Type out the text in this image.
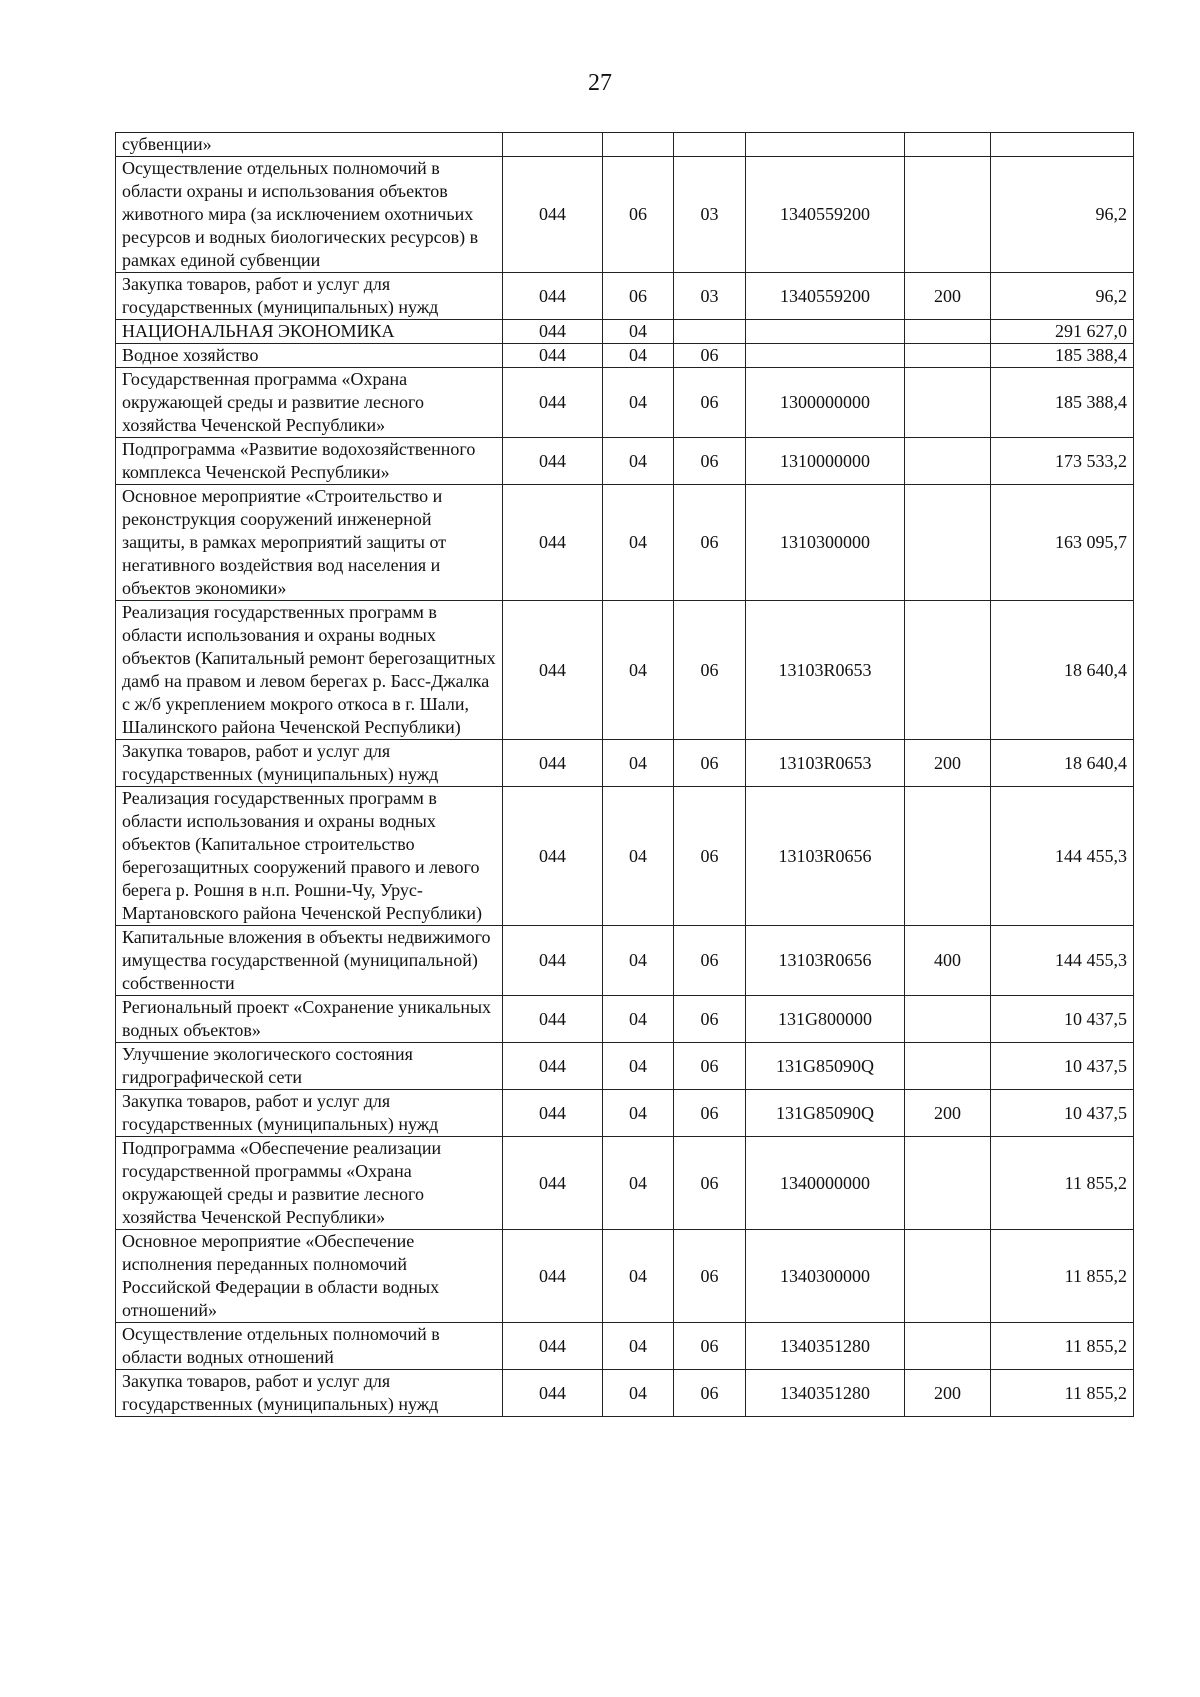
27
субвенции»						
Осуществление отдельных полномочий в области охраны и использования объектов животного мира (за исключением охотничьих ресурсов и водных биологических ресурсов) в рамках единой субвенции	044	06	03	1340559200		96,2
Закупка товаров, работ и услуг для государственных (муниципальных) нужд	044	06	03	1340559200	200	96,2
НАЦИОНАЛЬНАЯ ЭКОНОМИКА	044	04				291 627,0
Водное хозяйство	044	04	06			185 388,4
Государственная программа «Охрана окружающей среды и развитие лесного хозяйства Чеченской Республики»	044	04	06	1300000000		185 388,4
Подпрограмма «Развитие водохозяйственного комплекса Чеченской Республики»	044	04	06	1310000000		173 533,2
Основное мероприятие «Строительство и реконструкция сооружений инженерной защиты, в рамках мероприятий защиты от негативного воздействия вод населения и объектов экономики»	044	04	06	1310300000		163 095,7
Реализация государственных программ в области использования и охраны водных объектов (Капитальный ремонт берегозащитных дамб на правом и левом берегах р. Басс-Джалка с ж/б укреплением мокрого откоса в г. Шали, Шалинского района Чеченской Республики)	044	04	06	13103R0653		18 640,4
Закупка товаров, работ и услуг для государственных (муниципальных) нужд	044	04	06	13103R0653	200	18 640,4
Реализация государственных программ в области использования и охраны водных объектов (Капитальное строительство берегозащитных сооружений правого и левого берега р. Рошня в н.п. Рошни-Чу, Урус-Мартановского района Чеченской Республики)	044	04	06	13103R0656		144 455,3
Капитальные вложения в объекты недвижимого имущества государственной (муниципальной) собственности	044	04	06	13103R0656	400	144 455,3
Региональный проект «Сохранение уникальных водных объектов»	044	04	06	131G800000		10 437,5
Улучшение экологического состояния гидрографической сети	044	04	06	131G85090Q		10 437,5
Закупка товаров, работ и услуг для государственных (муниципальных) нужд	044	04	06	131G85090Q	200	10 437,5
Подпрограмма «Обеспечение реализации государственной программы «Охрана окружающей среды и развитие лесного хозяйства Чеченской Республики»	044	04	06	1340000000		11 855,2
Основное мероприятие «Обеспечение исполнения переданных полномочий Российской Федерации в области водных отношений»	044	04	06	1340300000		11 855,2
Осуществление отдельных полномочий в области водных отношений	044	04	06	1340351280		11 855,2
Закупка товаров, работ и услуг для государственных (муниципальных) нужд	044	04	06	1340351280	200	11 855,2
